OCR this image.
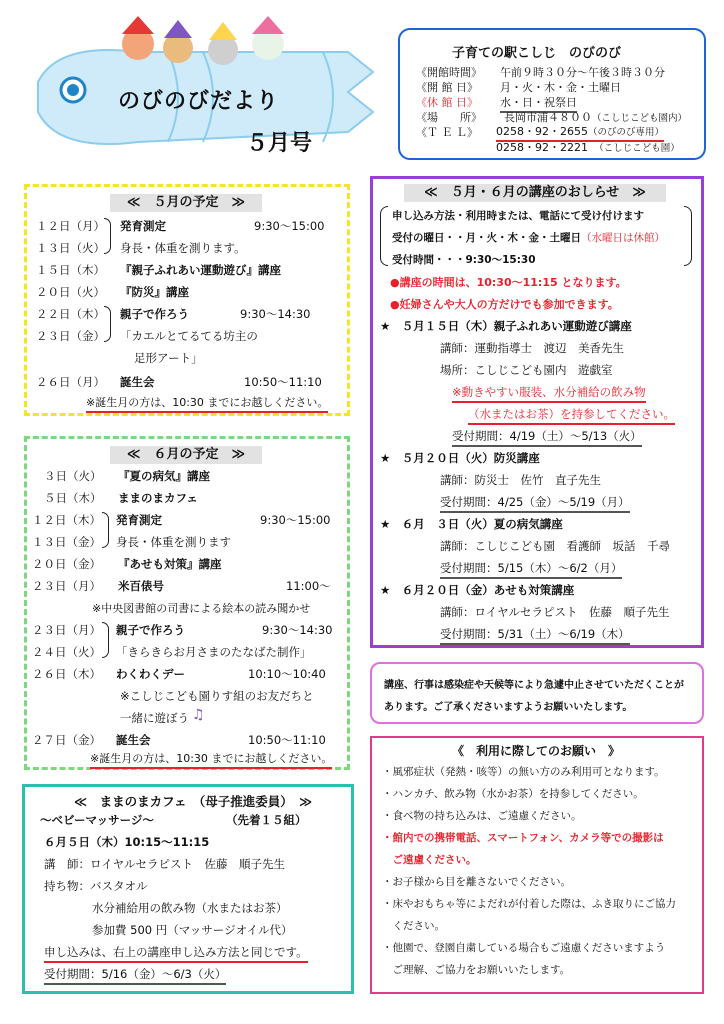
のびのびだより
５月号
子育ての駅こしじ　のびのび
《開館時間》 午前９時３０分～午後３時３０分
《開 館 日》 月・火・木・金・土曜日
《休 館 日》 水・日・祝祭日
《場　　所》 長岡市浦４８００ （こしじこども園内）
《Ｔ Ｅ Ｌ》 0258・92・2655（のびのび専用）
0258・92・2221　 （こしじこども園）
≪　５月の予定　≫
１２日（月） 発育測定	9:30～15:00
１３日（火） 身長・体重を測ります。
１５日（木） 『親子ふれあい運動遊び』講座
２０日（火） 『防災』講座
２２日（木） 親子で作ろう	9:30～14:30
２３日（金） 「カエルとてるてる坊主の
足形アート」
２６日（月） 誕生会	10:50～11:10
※誕生月の方は、10:30 までにお越しください。
≪　６月の予定　≫
３日（火） 『夏の病気』講座
５日（木） ままのまカフェ
１２日（木） 発育測定	9:30～15:00
１３日（金） 身長・体重を測ります
２０日（金） 『あせも対策』講座
２３日（月） 米百俵号	11:00～
※中央図書館の司書による絵本の読み聞かせ
２３日（月） 親子で作ろう	9:30～14:30
２４日（火） 「きらきらお月さまのたなばた制作」
２６日（木） わくわくデー	10:10～10:40
※こしじこども園りす組のお友だちと
一緒に遊ぼう ♫
２７日（金） 誕生会	10:50～11:10
※誕生月の方は、10:30 までにお越しください。
≪　ままのまカフェ　（母子推進委員）　≫
～ベビーマッサージ～	（先着１５組）
６月５日（木）10:15～11:15
講　師：ロイヤルセラピスト　佐藤　順子先生
持ち物：バスタオル
水分補給用の飲み物（水またはお茶）
参加費 500 円（マッサージオイル代）
申し込みは、右上の講座申し込み方法と同じです。
受付期間：5/16（金）～6/3（火）
≪　５月・６月の講座のおしらせ　≫
申し込み方法・利用時または、電話にて受け付けます
受付の曜日・・月・火・木・金・土曜日（水曜日は休館）
受付時間・・・9:30～15:30
●講座の時間は、10:30～11:15 となります。
●妊婦さんや大人の方だけでも参加できます。
★　５月１５日（木）親子ふれあい運動遊び講座
講師：運動指導士　渡辺　美香先生
場所：こしじこども園内　遊戯室
※動きやすい服装、水分補給の飲み物
（水またはお茶）を持参してください。
受付期間：4/19（土）～5/13（火）
★　５月２０日（火）防災講座
講師：防災士　佐竹　直子先生
受付期間：4/25（金）～5/19（月）
★　６月　３日（火）夏の病気講座
講師：こしじこども園　看護師　坂話　千尋
受付期間：5/15（木）～6/2（月）
★　６月２０日（金）あせも対策講座
講師：ロイヤルセラピスト　佐藤　順子先生
受付期間：5/31（土）～6/19（木）
講座、行事は感染症や天候等により急遽中止させていただくことが
あります。ご了承くださいますようお願いいたします。
《　利用に際してのお願い　》
・風邪症状（発熱・咳等）の無い方のみ利用可となります。
・ハンカチ、飲み物（水かお茶）を持参してください。
・食べ物の持ち込みは、ご遠慮ください。
・館内での携帯電話、スマートフォン、カメラ等での撮影は
　ご遠慮ください。
・お子様から目を離さないでください。
・床やおもちゃ等によだれが付着した際は、ふき取りにご協力
　ください。
・他園で、登園自粛している場合もご遠慮くださいますよう
　ご理解、ご協力をお願いいたします。
